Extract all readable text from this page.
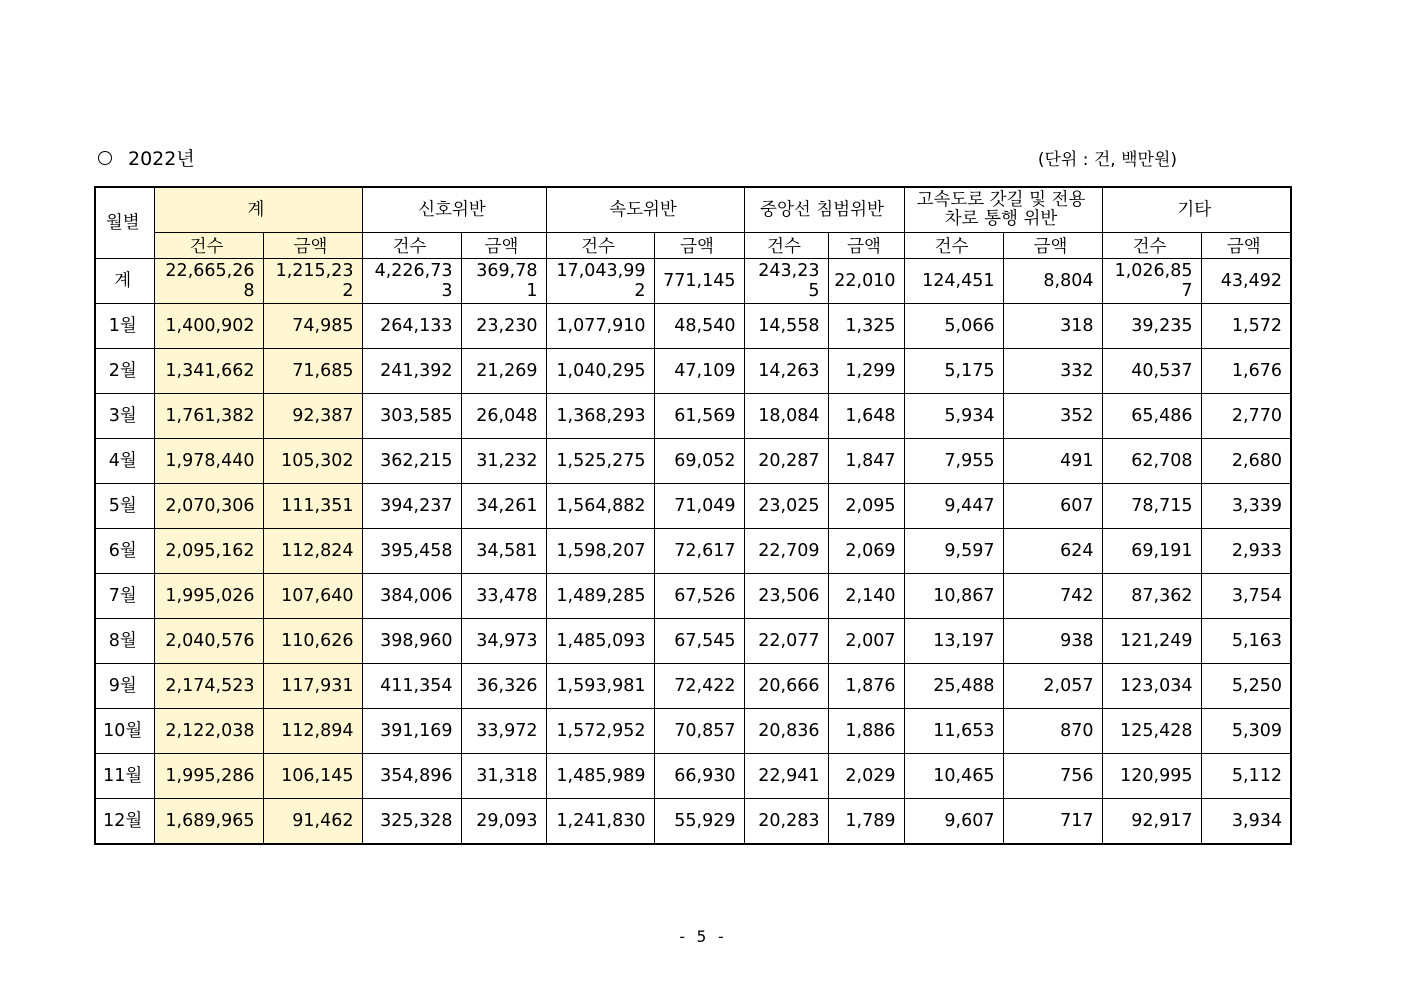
2022년	(단위 : 건, 백만원)
월별	계		신호위반		속도위반		중앙선 침범위반		고속도로 갓길 및 전용차로 통행 위반		기타	
	건수	금액	건수	금액	건수	금액	건수	금액	건수	금액	건수	금액
계	22,665,268	1,215,232	4,226,733	369,781	17,043,992	771,145	243,235	22,010	124,451	8,804	1,026,857	43,492
1월	1,400,902	74,985	264,133	23,230	1,077,910	48,540	14,558	1,325	5,066	318	39,235	1,572
2월	1,341,662	71,685	241,392	21,269	1,040,295	47,109	14,263	1,299	5,175	332	40,537	1,676
3월	1,761,382	92,387	303,585	26,048	1,368,293	61,569	18,084	1,648	5,934	352	65,486	2,770
4월	1,978,440	105,302	362,215	31,232	1,525,275	69,052	20,287	1,847	7,955	491	62,708	2,680
5월	2,070,306	111,351	394,237	34,261	1,564,882	71,049	23,025	2,095	9,447	607	78,715	3,339
6월	2,095,162	112,824	395,458	34,581	1,598,207	72,617	22,709	2,069	9,597	624	69,191	2,933
7월	1,995,026	107,640	384,006	33,478	1,489,285	67,526	23,506	2,140	10,867	742	87,362	3,754
8월	2,040,576	110,626	398,960	34,973	1,485,093	67,545	22,077	2,007	13,197	938	121,249	5,163
9월	2,174,523	117,931	411,354	36,326	1,593,981	72,422	20,666	1,876	25,488	2,057	123,034	5,250
10월	2,122,038	112,894	391,169	33,972	1,572,952	70,857	20,836	1,886	11,653	870	125,428	5,309
11월	1,995,286	106,145	354,896	31,318	1,485,989	66,930	22,941	2,029	10,465	756	120,995	5,112
12월	1,689,965	91,462	325,328	29,093	1,241,830	55,929	20,283	1,789	9,607	717	92,917	3,934
- 5 -
